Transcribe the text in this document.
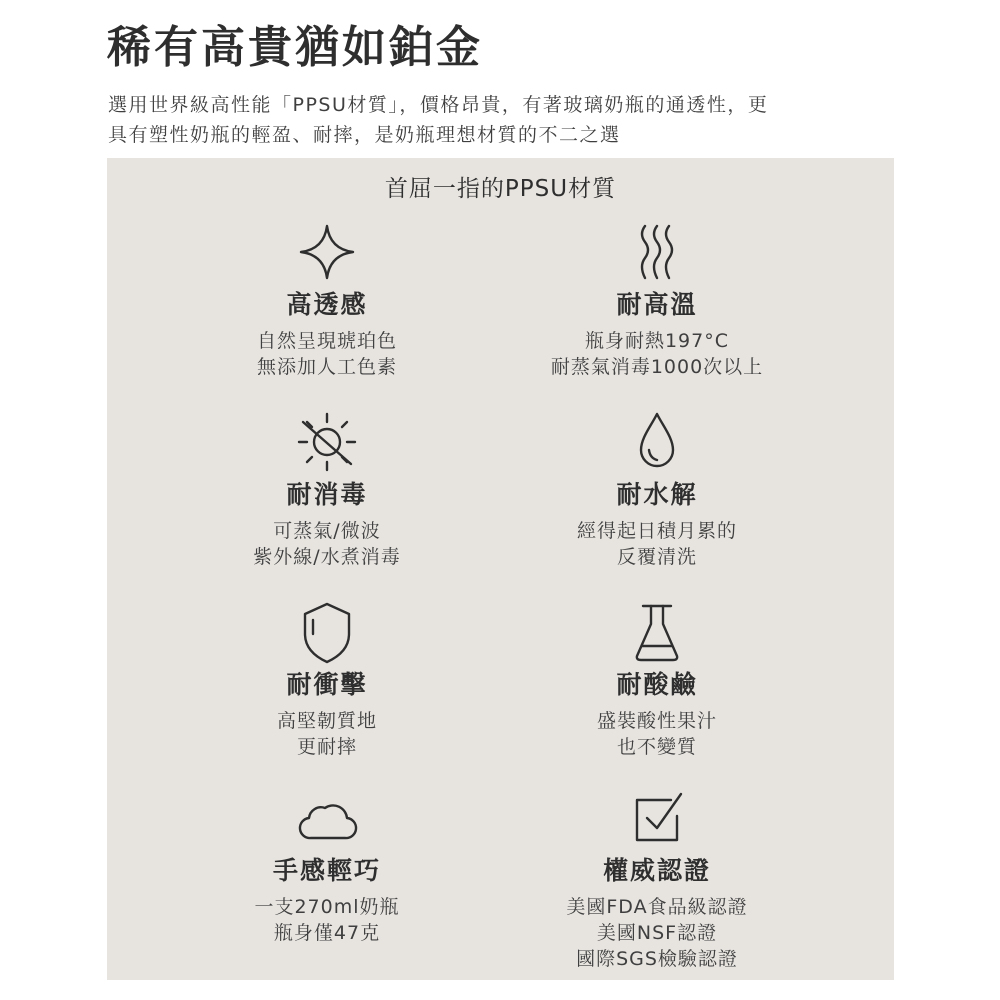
稀有高貴猶如鉑金
選用世界級高性能「PPSU材質」，價格昂貴，有著玻璃奶瓶的通透性，更
具有塑性奶瓶的輕盈、耐摔，是奶瓶理想材質的不二之選
首屈一指的PPSU材質
高透感
自然呈現琥珀色
無添加人工色素
耐高溫
瓶身耐熱197°C
耐蒸氣消毒1000次以上
耐消毒
可蒸氣/微波
紫外線/水煮消毒
耐水解
經得起日積月累的
反覆清洗
耐衝擊
高堅韌質地
更耐摔
耐酸鹼
盛裝酸性果汁
也不變質
手感輕巧
一支270ml奶瓶
瓶身僅47克
權威認證
美國FDA食品級認證
美國NSF認證
國際SGS檢驗認證
